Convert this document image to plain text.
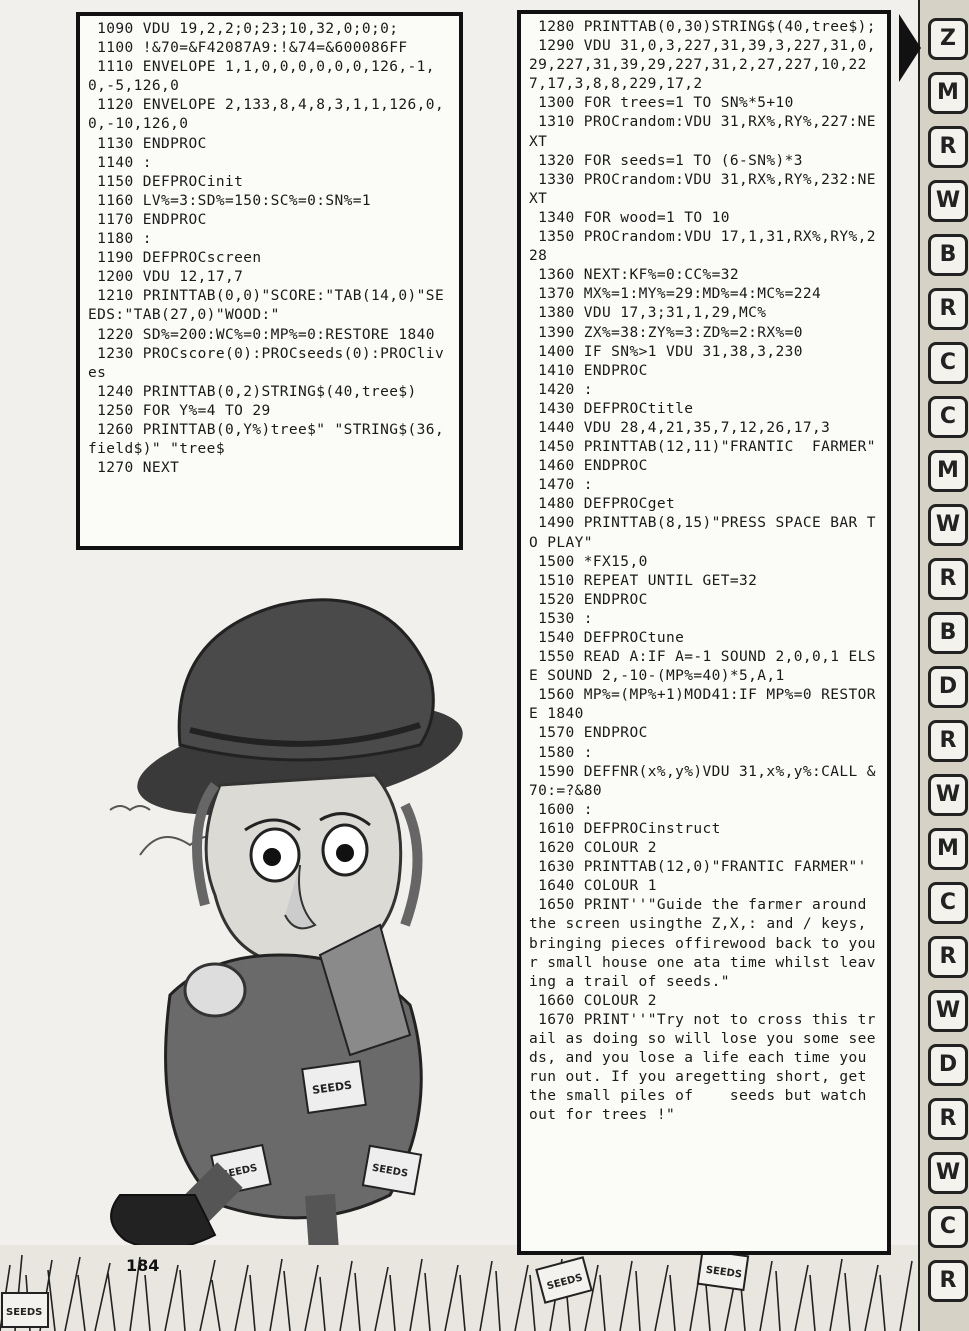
SEEDS
SEEDS	SEEDS
SEEDS	SEEDS
SEEDS
1090 VDU 19,2,2;0;23;10,32,0;0;0;
1100 !&70=&F42087A9:!&74=&600086FF
1110 ENVELOPE 1,1,0,0,0,0,0,0,126,-1,0,-5,126,0
1120 ENVELOPE 2,133,8,4,8,3,1,1,126,0,0,-10,126,0
1130 ENDPROC
1140 :
1150 DEFPROCinit
1160 LV%=3:SD%=150:SC%=0:SN%=1
1170 ENDPROC
1180 :
1190 DEFPROCscreen
1200 VDU 12,17,7
1210 PRINTTAB(0,0)"SCORE:"TAB(14,0)"SEEDS:"TAB(27,0)"WOOD:"
1220 SD%=200:WC%=0:MP%=0:RESTORE 1840
1230 PROCscore(0):PROCseeds(0):PROClives
1240 PRINTTAB(0,2)STRING$(40,tree$)
1250 FOR Y%=4 TO 29
1260 PRINTTAB(0,Y%)tree$" "STRING$(36,field$)" "tree$
1270 NEXT
1280 PRINTTAB(0,30)STRING$(40,tree$);
1290 VDU 31,0,3,227,31,39,3,227,31,0,29,227,31,39,29,227,31,2,27,227,10,227,17,3,8,8,229,17,2
1300 FOR trees=1 TO SN%*5+10
1310 PROCrandom:VDU 31,RX%,RY%,227:NEXT
1320 FOR seeds=1 TO (6-SN%)*3
1330 PROCrandom:VDU 31,RX%,RY%,232:NEXT
1340 FOR wood=1 TO 10
1350 PROCrandom:VDU 17,1,31,RX%,RY%,228
1360 NEXT:KF%=0:CC%=32
1370 MX%=1:MY%=29:MD%=4:MC%=224
1380 VDU 17,3;31,1,29,MC%
1390 ZX%=38:ZY%=3:ZD%=2:RX%=0
1400 IF SN%>1 VDU 31,38,3,230
1410 ENDPROC
1420 :
1430 DEFPROCtitle
1440 VDU 28,4,21,35,7,12,26,17,3
1450 PRINTTAB(12,11)"FRANTIC  FARMER"
1460 ENDPROC
1470 :
1480 DEFPROCget
1490 PRINTTAB(8,15)"PRESS SPACE BAR TO PLAY"
1500 *FX15,0
1510 REPEAT UNTIL GET=32
1520 ENDPROC
1530 :
1540 DEFPROCtune
1550 READ A:IF A=-1 SOUND 2,0,0,1 ELSE SOUND 2,-10-(MP%=40)*5,A,1
1560 MP%=(MP%+1)MOD41:IF MP%=0 RESTORE 1840
1570 ENDPROC
1580 :
1590 DEFFNR(x%,y%)VDU 31,x%,y%:CALL &70:=?&80
1600 :
1610 DEFPROCinstruct
1620 COLOUR 2
1630 PRINTTAB(12,0)"FRANTIC FARMER"'
1640 COLOUR 1
1650 PRINT''"Guide the farmer around the screen usingthe Z,X,: and / keys, bringing pieces offirewood back to your small house one ata time whilst leaving a trail of seeds."
1660 COLOUR 2
1670 PRINT''"Try not to cross this trail as doing so will lose you some seeds, and you lose a life each time you run out. If you aregetting short, get the small piles of    seeds but watch out for trees !"
184
Z
M
R
W
B
R
C
C
M
W
R
B
D
R
W
M
C
R
W
D
R
W
C
R
